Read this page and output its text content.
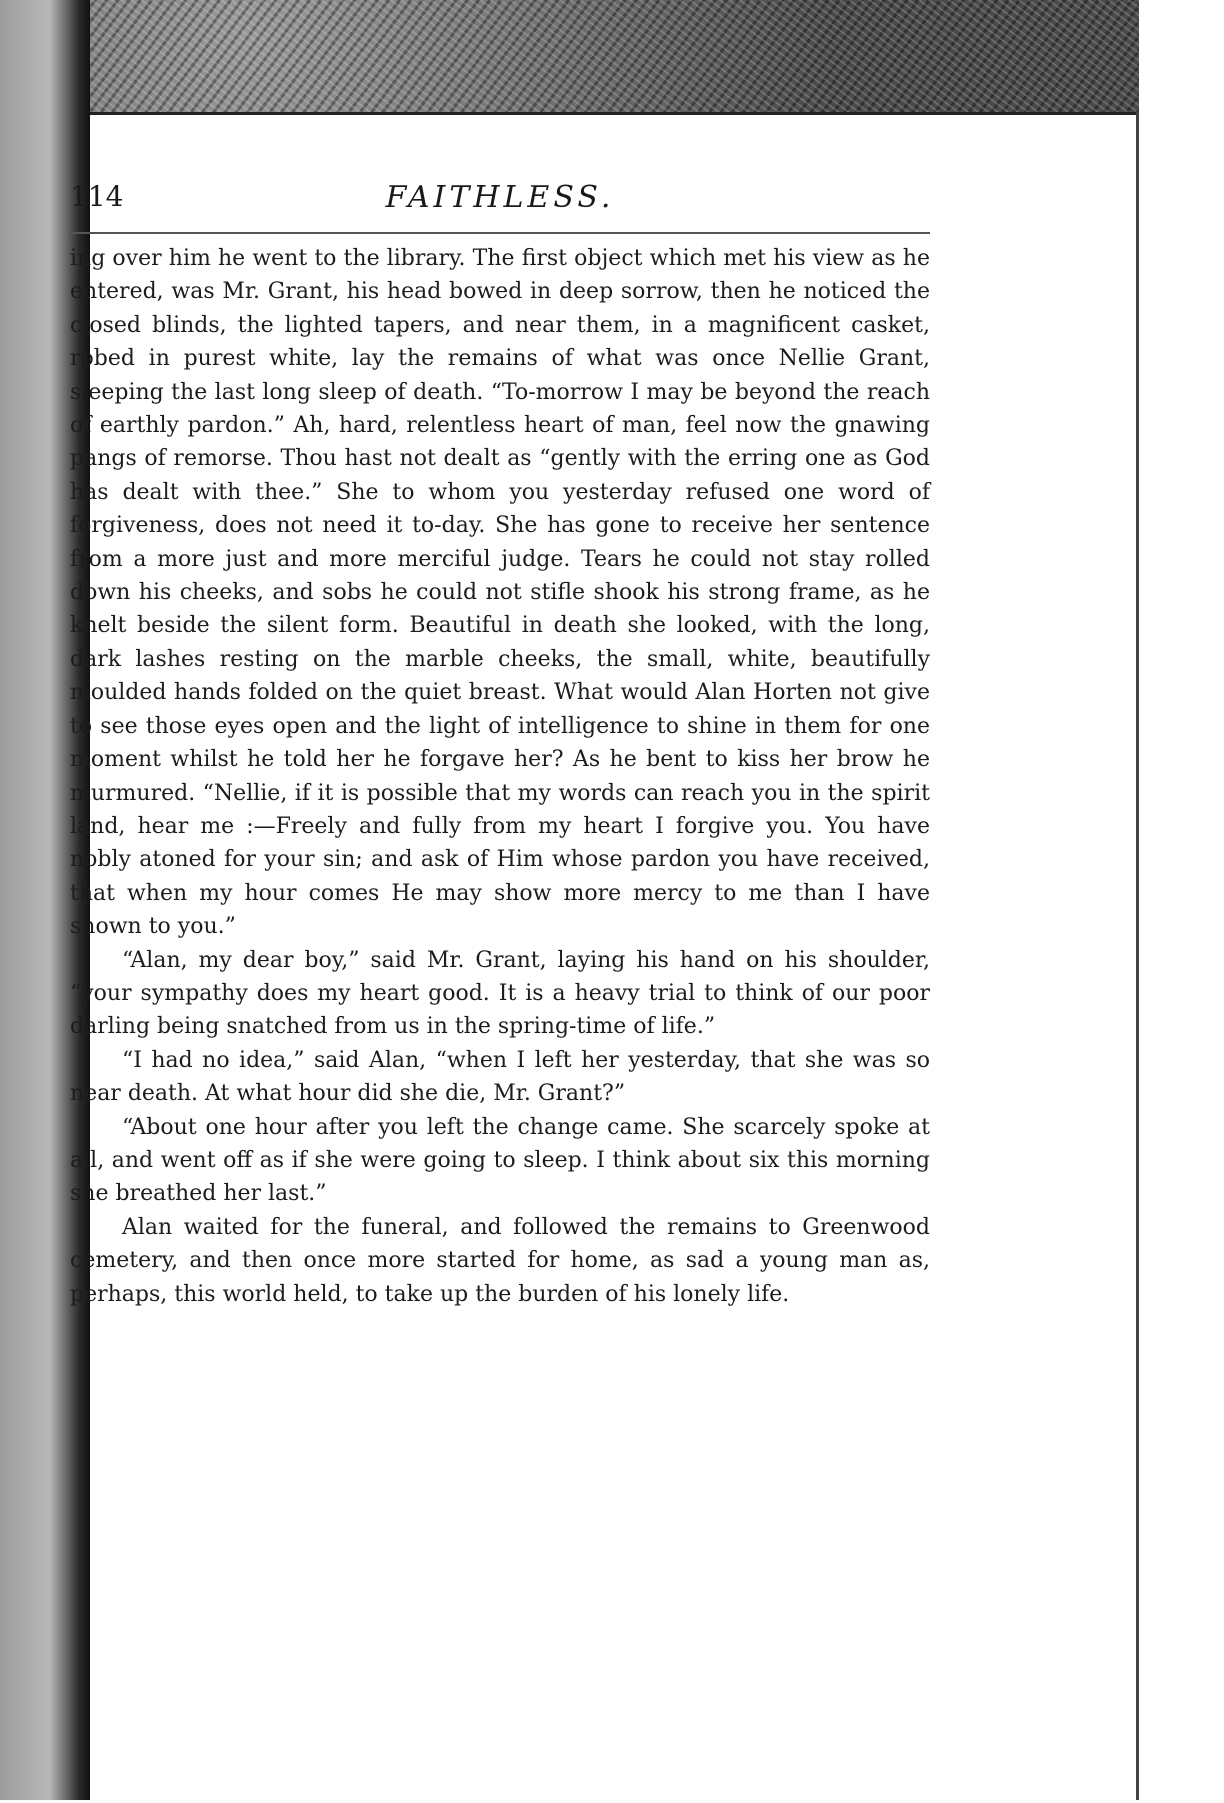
114	FAITHLESS.

ing over him he went to the library. The first object which met his view as he entered, was Mr. Grant, his head bowed in deep sorrow, then he noticed the closed blinds, the lighted tapers, and near them, in a magnificent casket, robed in purest white, lay the remains of what was once Nellie Grant, sleeping the last long sleep of death. “To-morrow I may be beyond the reach of earthly pardon.” Ah, hard, relentless heart of man, feel now the gnawing pangs of remorse. Thou hast not dealt as “gently with the erring one as God has dealt with thee.” She to whom you yesterday refused one word of forgiveness, does not need it to-day. She has gone to receive her sentence from a more just and more merciful judge. Tears he could not stay rolled down his cheeks, and sobs he could not stifle shook his strong frame, as he knelt beside the silent form. Beautiful in death she looked, with the long, dark lashes resting on the marble cheeks, the small, white, beautifully moulded hands folded on the quiet breast. What would Alan Horten not give to see those eyes open and the light of intelligence to shine in them for one moment whilst he told her he forgave her? As he bent to kiss her brow he murmured. “Nellie, if it is possible that my words can reach you in the spirit land, hear me :—Freely and fully from my heart I forgive you. You have nobly atoned for your sin; and ask of Him whose pardon you have received, that when my hour comes He may show more mercy to me than I have shown to you.”

“Alan, my dear boy,” said Mr. Grant, laying his hand on his shoulder, “your sympathy does my heart good. It is a heavy trial to think of our poor darling being snatched from us in the spring-time of life.”

“I had no idea,” said Alan, “when I left her yesterday, that she was so near death. At what hour did she die, Mr. Grant?”

“About one hour after you left the change came. She scarcely spoke at all, and went off as if she were going to sleep. I think about six this morning she breathed her last.”

Alan waited for the funeral, and followed the remains to Greenwood cemetery, and then once more started for home, as sad a young man as, perhaps, this world held, to take up the burden of his lonely life.
